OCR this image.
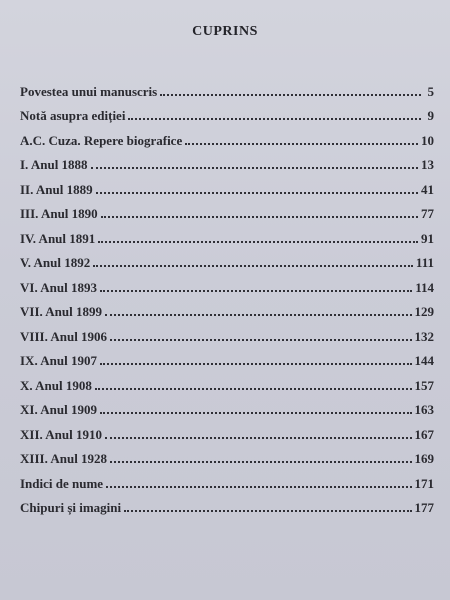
CUPRINS
Povestea unui manuscris	5
Notă asupra ediției	9
A.C. Cuza. Repere biografice	10
I. Anul 1888	13
II. Anul 1889	41
III. Anul 1890	77
IV. Anul 1891	91
V. Anul 1892	111
VI. Anul 1893	114
VII. Anul 1899	129
VIII. Anul 1906	132
IX. Anul 1907	144
X. Anul 1908	157
XI. Anul 1909	163
XII. Anul 1910	167
XIII. Anul 1928	169
Indici de nume	171
Chipuri și imagini	177
